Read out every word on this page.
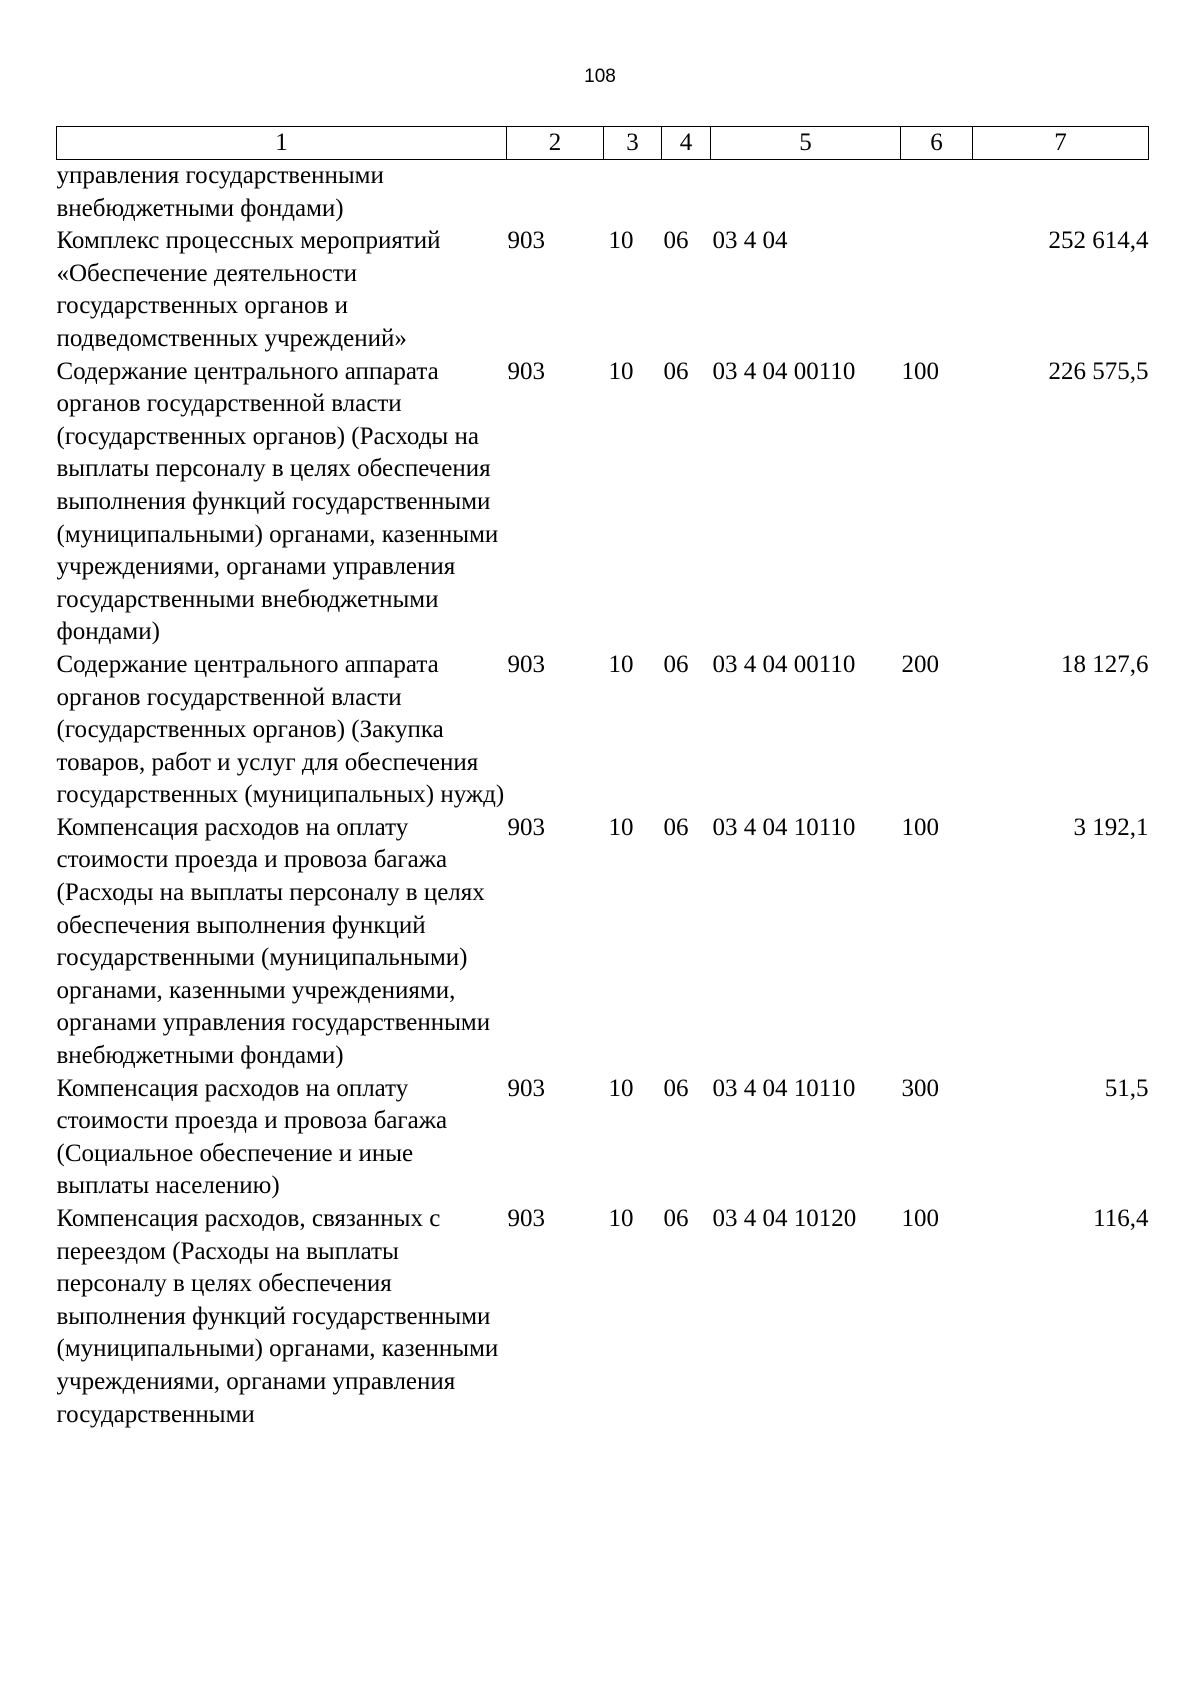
108
1	2	3	4	5	6	7
управления государственными внебюджетными фондами)						
Комплекс процессных мероприятий «Обеспечение деятельности государственных органов и подведомственных учреждений»	903	10	06	03 4 04		252 614,4
Содержание центрального аппарата органов государственной власти (государственных органов) (Расходы на выплаты персоналу в целях обеспечения выполнения функций государственными (муниципальными) органами, казенными учреждениями, органами управления государственными внебюджетными фондами)	903	10	06	03 4 04 00110	100	226 575,5
Содержание центрального аппарата органов государственной власти (государственных органов) (Закупка товаров, работ и услуг для обеспечения государственных (муниципальных) нужд)	903	10	06	03 4 04 00110	200	18 127,6
Компенсация расходов на оплату стоимости проезда и провоза багажа (Расходы на выплаты персоналу в целях обеспечения выполнения функций государственными (муниципальными) органами, казенными учреждениями, органами управления государственными внебюджетными фондами)	903	10	06	03 4 04 10110	100	3 192,1
Компенсация расходов на оплату стоимости проезда и провоза багажа (Социальное обеспечение и иные выплаты населению)	903	10	06	03 4 04 10110	300	51,5
Компенсация расходов, связанных с переездом (Расходы на выплаты персоналу в целях обеспечения выполнения функций государственными (муниципальными) органами, казенными учреждениями, органами управления государственными	903	10	06	03 4 04 10120	100	116,4
